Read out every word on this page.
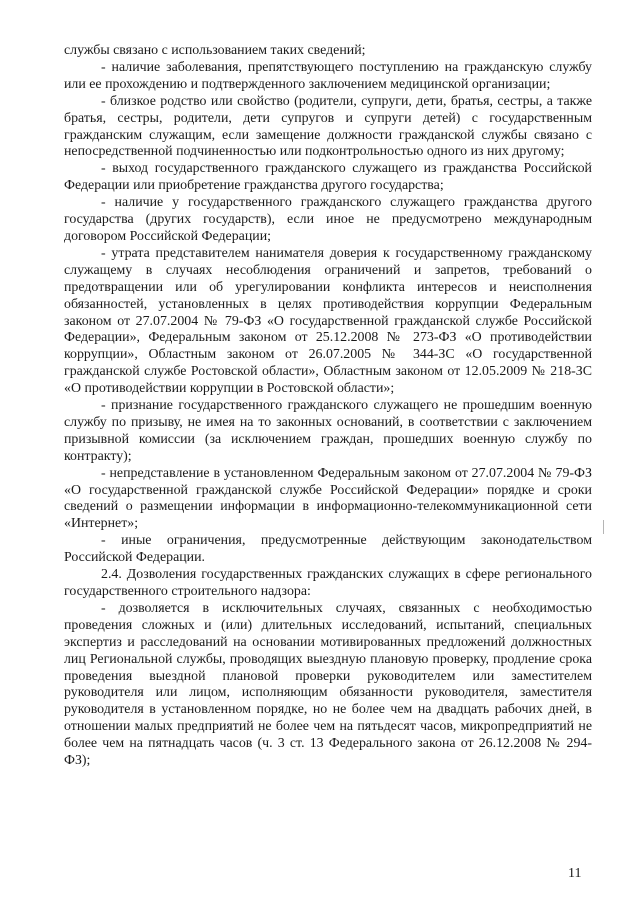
службы связано с использованием таких сведений;

- наличие заболевания, препятствующего поступлению на гражданскую службу или ее прохождению и подтвержденного заключением медицинской организации;

- близкое родство или свойство (родители, супруги, дети, братья, сестры, а также братья, сестры, родители, дети супругов и супруги детей) с государственным гражданским служащим, если замещение должности гражданской службы связано с непосредственной подчиненностью или подконтрольностью одного из них другому;

- выход государственного гражданского служащего из гражданства Российской Федерации или приобретение гражданства другого государства;

- наличие у государственного гражданского служащего гражданства другого государства (других государств), если иное не предусмотрено международным договором Российской Федерации;

- утрата представителем нанимателя доверия к государственному гражданскому служащему в случаях несоблюдения ограничений и запретов, требований о предотвращении или об урегулировании конфликта интересов и неисполнения обязанностей, установленных в целях противодействия коррупции Федеральным законом от 27.07.2004 № 79-ФЗ «О государственной гражданской службе Российской Федерации», Федеральным законом от 25.12.2008 № 273-ФЗ «О противодействии коррупции», Областным законом от 26.07.2005 № 344-ЗС «О государственной гражданской службе Ростовской области», Областным законом от 12.05.2009 № 218-ЗС «О противодействии коррупции в Ростовской области»;

- признание государственного гражданского служащего не прошедшим военную службу по призыву, не имея на то законных оснований, в соответствии с заключением призывной комиссии (за исключением граждан, прошедших военную службу по контракту);

- непредставление в установленном Федеральным законом от 27.07.2004 № 79-ФЗ «О государственной гражданской службе Российской Федерации» порядке и сроки сведений о размещении информации в информационно-телекоммуникационной сети «Интернет»;

- иные ограничения, предусмотренные действующим законодательством Российской Федерации.

2.4. Дозволения государственных гражданских служащих в сфере регионального государственного строительного надзора:

- дозволяется в исключительных случаях, связанных с необходимостью проведения сложных и (или) длительных исследований, испытаний, специальных экспертиз и расследований на основании мотивированных предложений должностных лиц Региональной службы, проводящих выездную плановую проверку, продление срока проведения выездной плановой проверки руководителем или заместителем руководителя или лицом, исполняющим обязанности руководителя, заместителя руководителя в установленном порядке, но не более чем на двадцать рабочих дней, в отношении малых предприятий не более чем на пятьдесят часов, микропредприятий не более чем на пятнадцать часов (ч. 3 ст. 13 Федерального закона от 26.12.2008 № 294-ФЗ);

11
